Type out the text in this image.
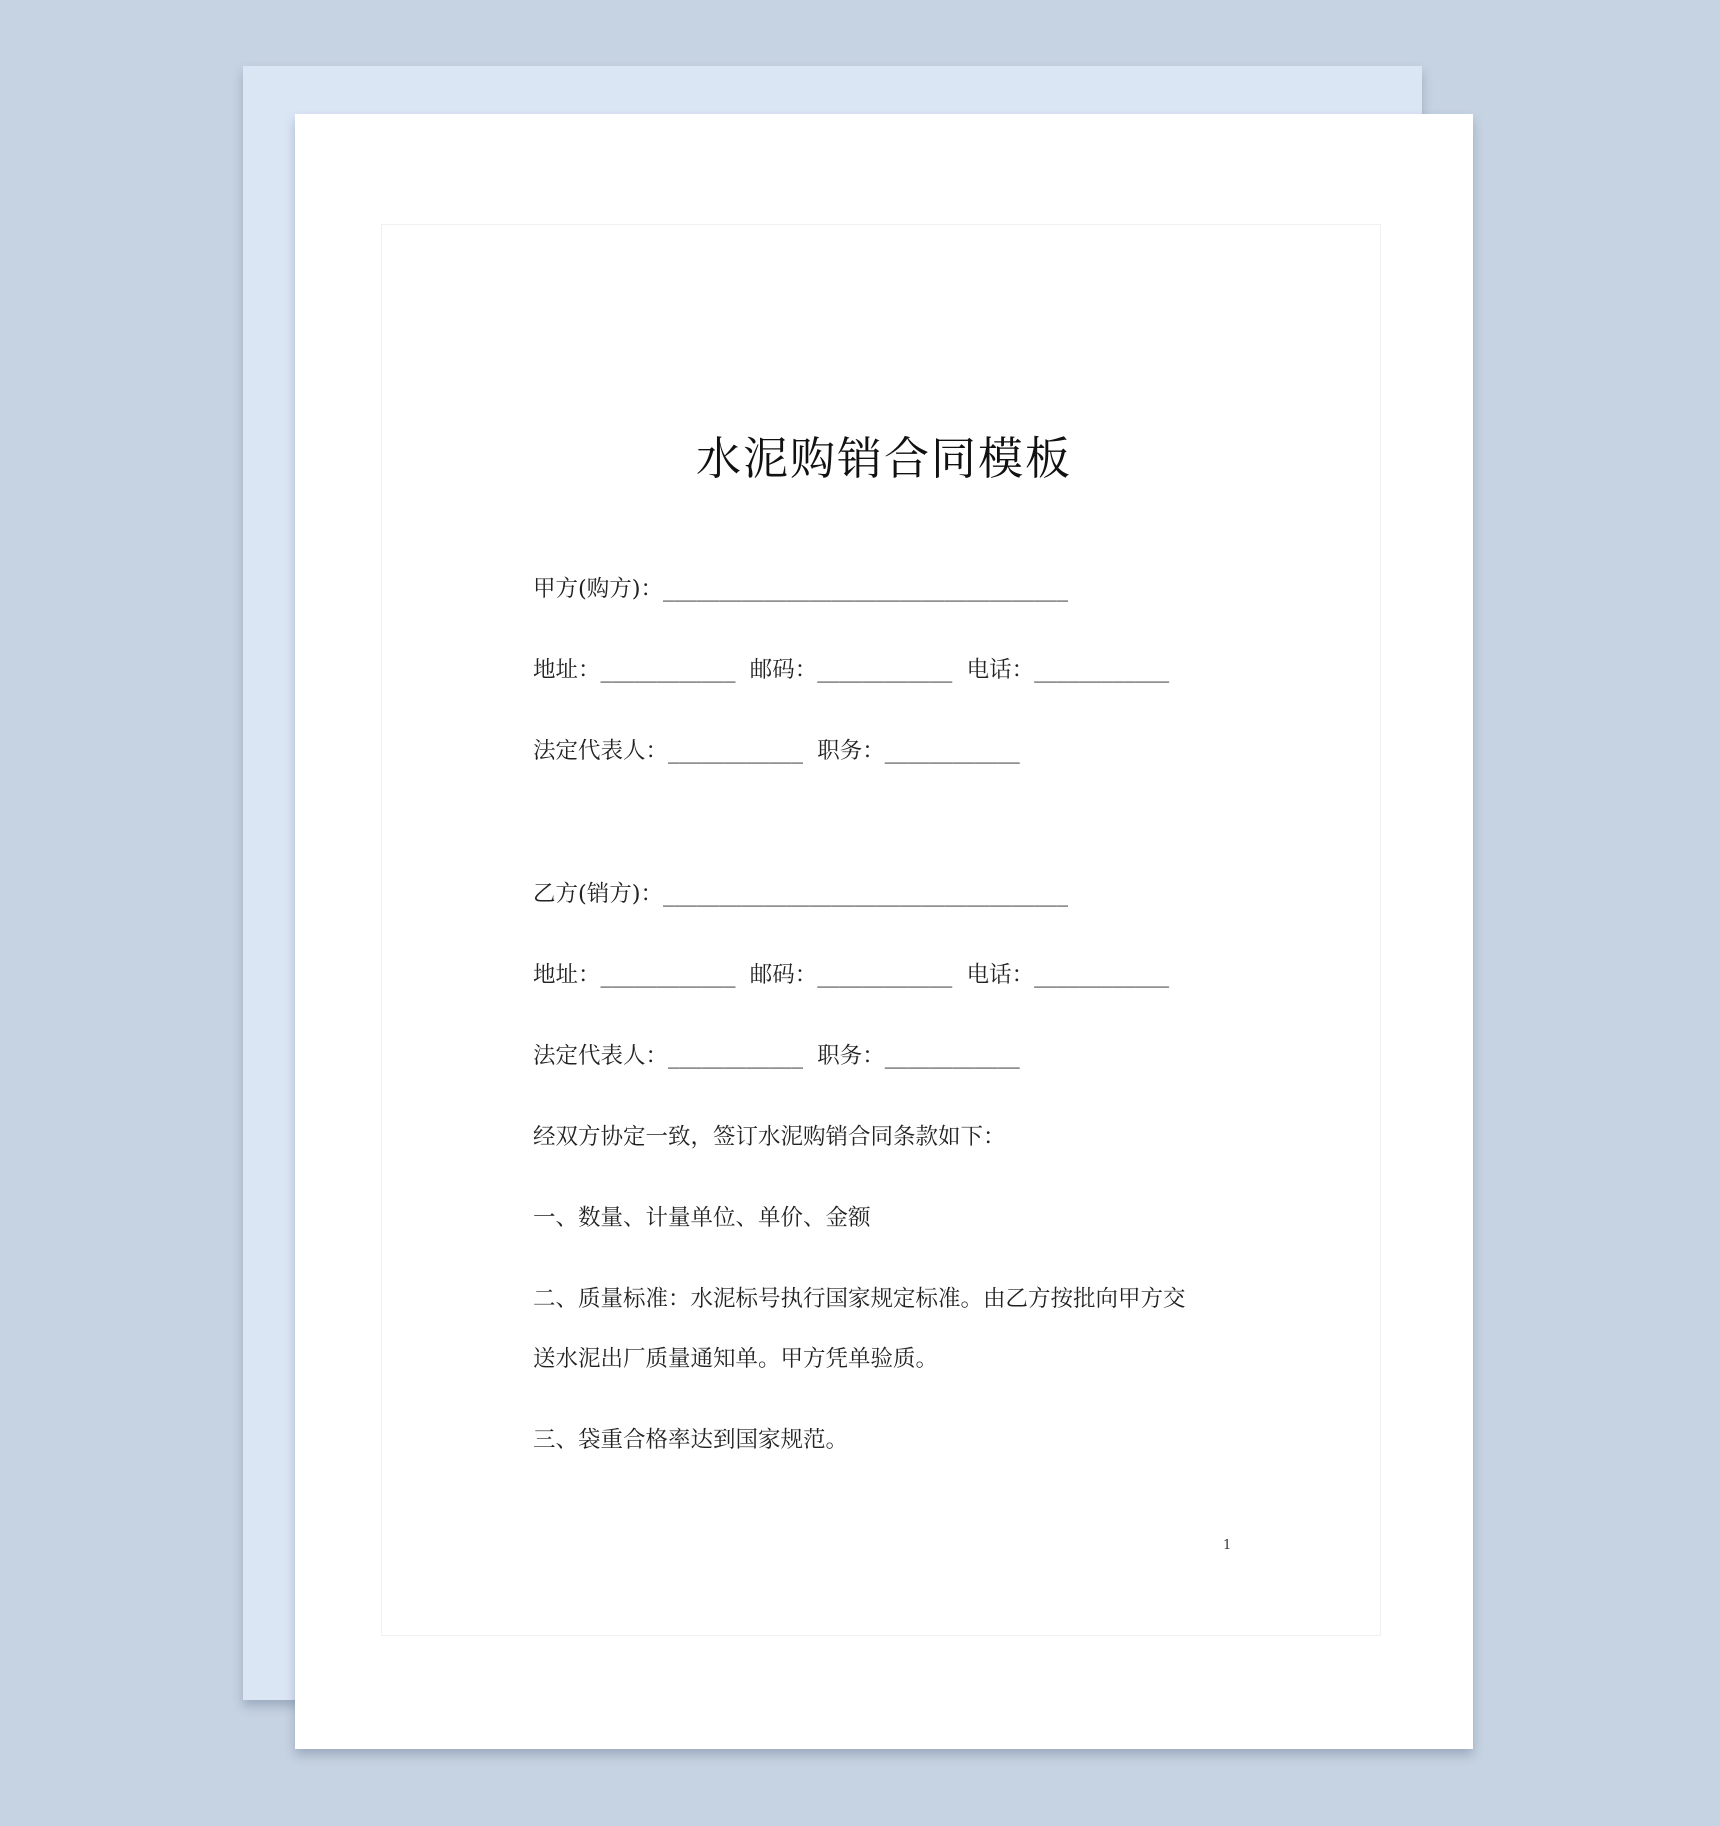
水泥购销合同模板
甲方(购方)：____________________________________
地址：____________  邮码：____________  电话：____________
法定代表人：____________  职务：____________
乙方(销方)：____________________________________
地址：____________  邮码：____________  电话：____________
法定代表人：____________  职务：____________
经双方协定一致，签订水泥购销合同条款如下：
一、数量、计量单位、单价、金额
二、质量标准：水泥标号执行国家规定标准。由乙方按批向甲方交
送水泥出厂质量通知单。甲方凭单验质。
三、袋重合格率达到国家规范。
1
